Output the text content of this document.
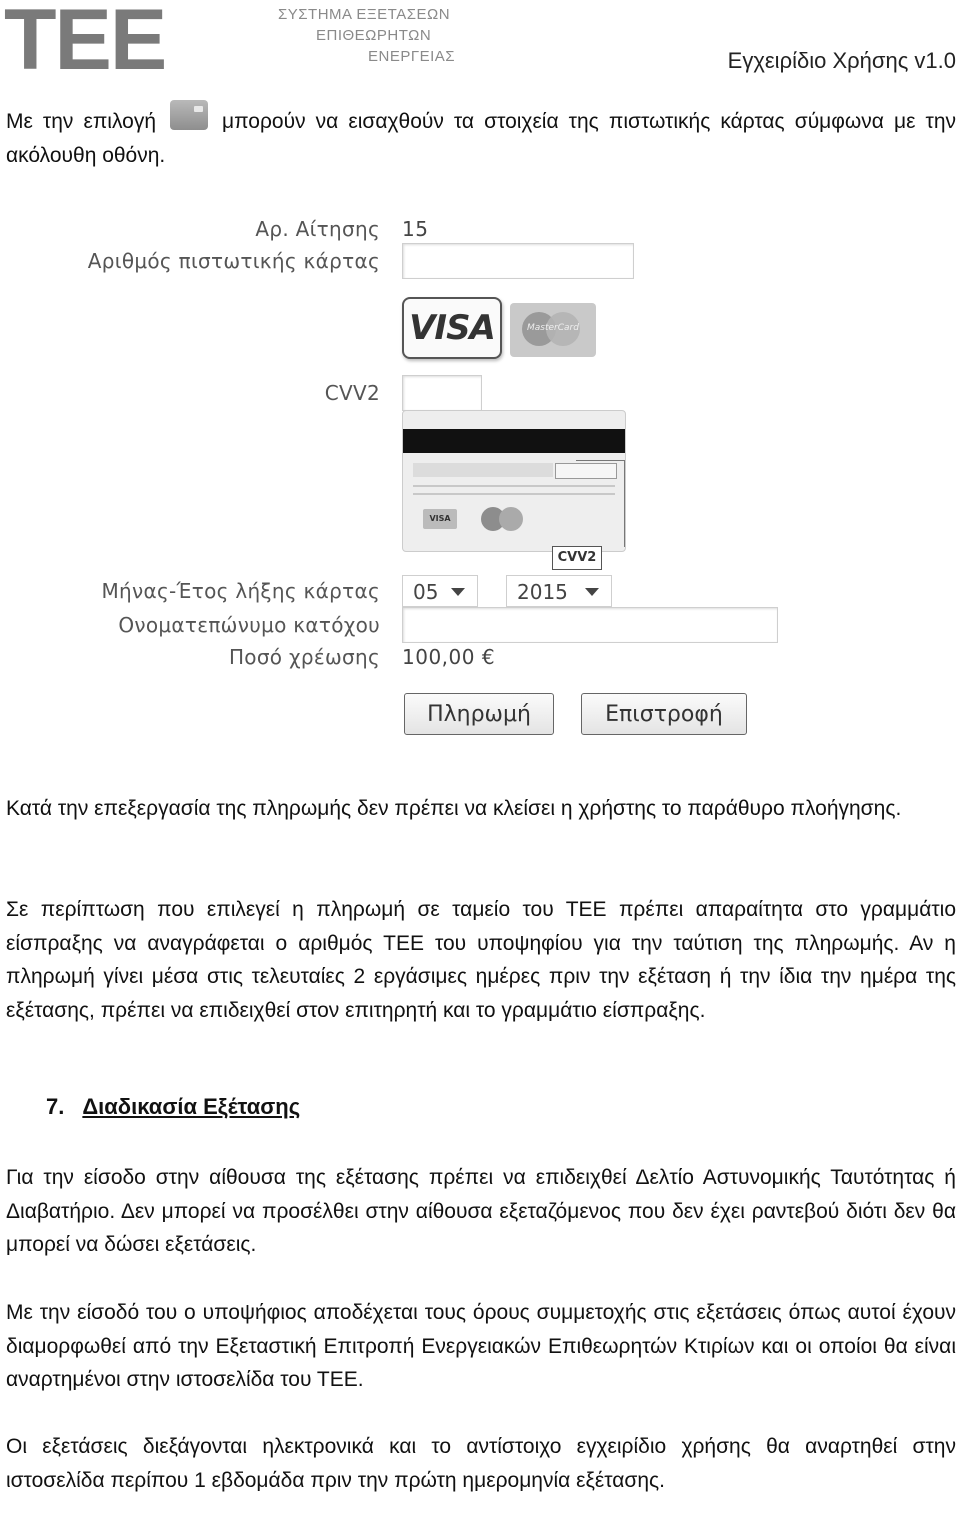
TEE	ΣΥΣΤΗΜΑ ΕΞΕΤΑΣΕΩΝ
ΕΠΙΘΕΩΡΗΤΩΝ
ΕΝΕΡΓΕΙΑΣ	Εγχειρίδιο Χρήσης v1.0
Με την επιλογή	μπορούν να εισαχθούν τα στοιχεία της πιστωτικής κάρτας σύμφωνα με την ακόλουθη οθόνη.
Αρ. Αίτησης 15
Αριθμός πιστωτικής κάρτας
VISA	MasterCard
CVV2
VISA
CVV2
Μήνας-Έτος λήξης κάρτας	05	2015
Ονοματεπώνυμο κατόχου
Ποσό χρέωσης 100,00 €
Πληρωμή	Επιστροφή
Κατά την επεξεργασία της πληρωμής δεν πρέπει να κλείσει η χρήστης το παράθυρο πλοήγησης.
Σε περίπτωση που επιλεγεί η πληρωμή σε ταμείο του ΤΕΕ πρέπει απαραίτητα στο γραμμάτιο είσπραξης να αναγράφεται ο αριθμός ΤΕΕ του υποψηφίου για την ταύτιση της πληρωμής. Αν η πληρωμή γίνει μέσα στις τελευταίες 2 εργάσιμες ημέρες πριν την εξέταση ή την ίδια την ημέρα της εξέτασης, πρέπει να επιδειχθεί στον επιτηρητή και το γραμμάτιο είσπραξης.
7. Διαδικασία Εξέτασης
Για την είσοδο στην αίθουσα της εξέτασης πρέπει να επιδειχθεί Δελτίο Αστυνομικής Ταυτότητας ή Διαβατήριο. Δεν μπορεί να προσέλθει στην αίθουσα εξεταζόμενος που δεν έχει ραντεβού διότι δεν θα μπορεί να δώσει εξετάσεις.
Με την είσοδό του ο υποψήφιος αποδέχεται τους όρους συμμετοχής στις εξετάσεις όπως αυτοί έχουν διαμορφωθεί από την Εξεταστική Επιτροπή Ενεργειακών Επιθεωρητών Κτιρίων και οι οποίοι θα είναι αναρτημένοι στην ιστοσελίδα του ΤΕΕ.
Οι εξετάσεις διεξάγονται ηλεκτρονικά και το αντίστοιχο εγχειρίδιο χρήσης θα αναρτηθεί στην ιστοσελίδα περίπου 1 εβδομάδα πριν την πρώτη ημερομηνία εξέτασης.
